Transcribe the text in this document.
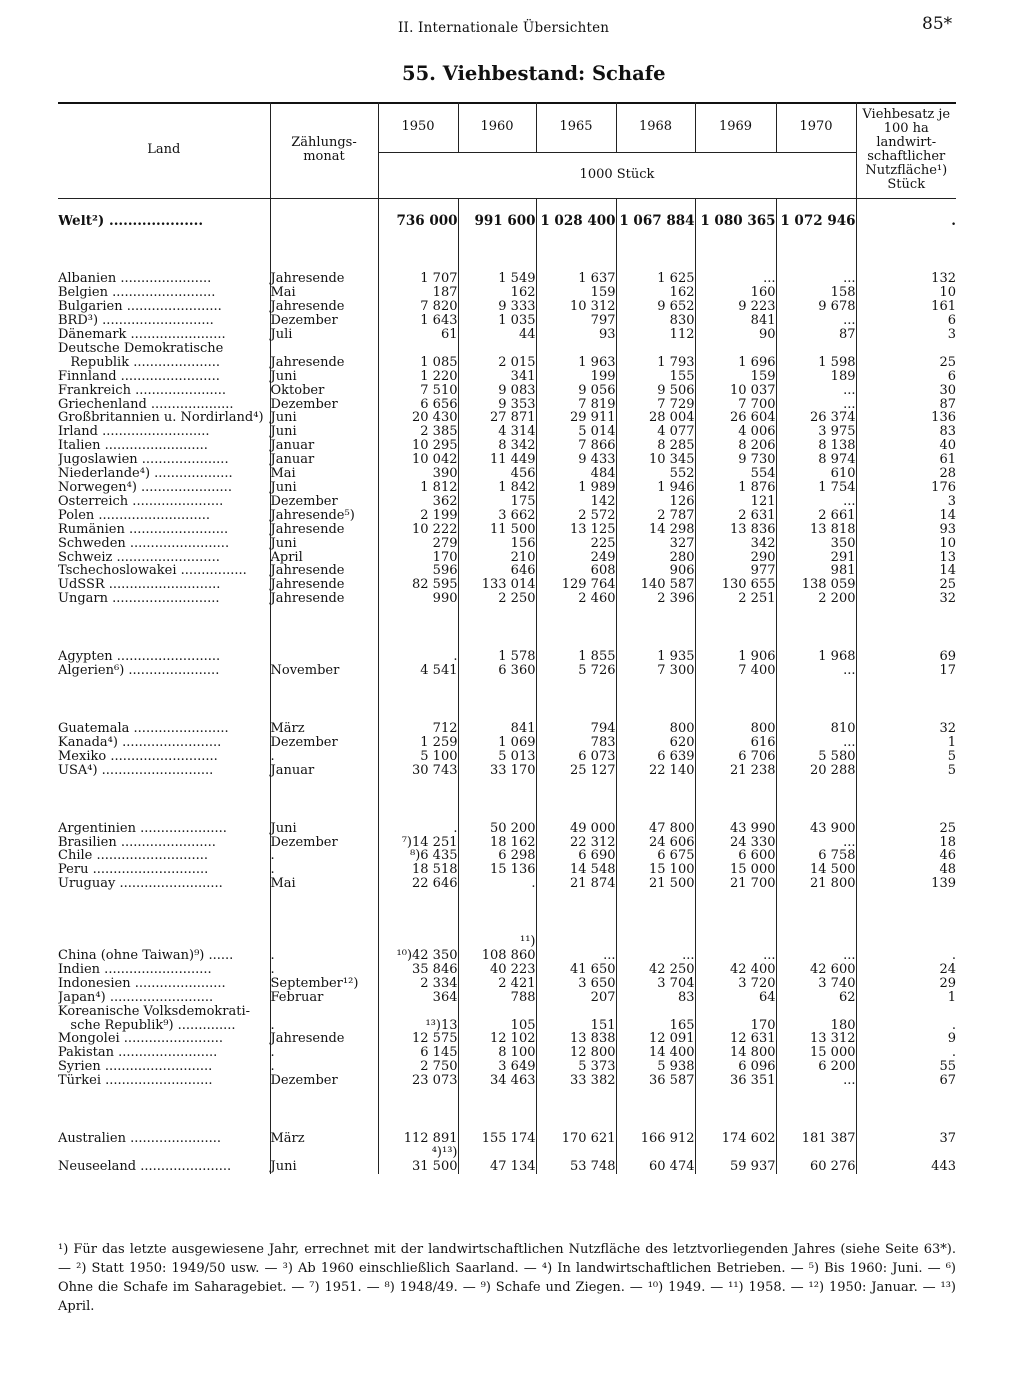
II. Internationale Übersichten	85*
55. Viehbestand: Schafe
Land	Zählungs-
monat	1950	1960	1965	1968	1969	1970	Viehbesatz je 100 ha landwirt-schaftlicher Nutzfläche¹) Stück
		1000 Stück						

Welt²) ....................		736 000	991 600	1 028 400	1 067 884	1 080 365	1 072 946	.

Albanien ......................	Jahresende	1 707	1 549	1 637	1 625	...	...	132
Belgien .........................	Mai	187	162	159	162	160	158	10
Bulgarien .......................	Jahresende	7 820	9 333	10 312	9 652	9 223	9 678	161
BRD³) ...........................	Dezember	1 643	1 035	797	830	841	...	6
Dänemark .......................	Juli	61	44	93	112	90	87	3
Deutsche Demokratische								
Republik .....................	Jahresende	1 085	2 015	1 963	1 793	1 696	1 598	25
Finnland ........................	Juni	1 220	341	199	155	159	189	6
Frankreich ......................	Oktober	7 510	9 083	9 056	9 506	10 037	...	30
Griechenland ....................	Dezember	6 656	9 353	7 819	7 729	7 700	...	87
Großbritannien u. Nordirland⁴)	Juni	20 430	27 871	29 911	28 004	26 604	26 374	136
Irland ..........................	Juni	2 385	4 314	5 014	4 077	4 006	3 975	83
Italien .........................	Januar	10 295	8 342	7 866	8 285	8 206	8 138	40
Jugoslawien .....................	Januar	10 042	11 449	9 433	10 345	9 730	8 974	61
Niederlande⁴) ...................	Mai	390	456	484	552	554	610	28
Norwegen⁴) ......................	Juni	1 812	1 842	1 989	1 946	1 876	1 754	176
Österreich ......................	Dezember	362	175	142	126	121	...	3
Polen ...........................	Jahresende⁵)	2 199	3 662	2 572	2 787	2 631	2 661	14
Rumänien ........................	Jahresende	10 222	11 500	13 125	14 298	13 836	13 818	93
Schweden ........................	Juni	279	156	225	327	342	350	10
Schweiz .........................	April	170	210	249	280	290	291	13
Tschechoslowakei ................	Jahresende	596	646	608	906	977	981	14
UdSSR ...........................	Jahresende	82 595	133 014	129 764	140 587	130 655	138 059	25
Ungarn ..........................	Jahresende	990	2 250	2 460	2 396	2 251	2 200	32

Ägypten .........................		.	1 578	1 855	1 935	1 906	1 968	69
Algerien⁶) ......................	November	4 541	6 360	5 726	7 300	7 400	...	17

Guatemala .......................	März	712	841	794	800	800	810	32
Kanada⁴) ........................	Dezember	1 259	1 069	783	620	616	...	1
Mexiko ..........................	.	5 100	5 013	6 073	6 639	6 706	5 580	5
USA⁴) ...........................	Januar	30 743	33 170	25 127	22 140	21 238	20 288	5

Argentinien .....................	Juni	.	50 200	49 000	47 800	43 990	43 900	25
Brasilien .......................	Dezember	⁷)14 251	18 162	22 312	24 606	24 330	...	18
Chile ...........................	.	⁸)6 435	6 298	6 690	6 675	6 600	6 758	46
Peru ............................	.	18 518	15 136	14 548	15 100	15 000	14 500	48
Uruguay .........................	Mai	22 646	.	21 874	21 500	21 700	21 800	139

			¹¹)					
China (ohne Taiwan)⁹) ......	.	¹⁰)42 350	108 860	...	...	...	...	.
Indien ..........................	.	35 846	40 223	41 650	42 250	42 400	42 600	24
Indonesien ......................	September¹²)	2 334	2 421	3 650	3 704	3 720	3 740	29
Japan⁴) .........................	Februar	364	788	207	83	64	62	1
Koreanische Volksdemokrati-								
sche Republik⁹) ..............	.	¹³)13	105	151	165	170	180	.
Mongolei ........................	Jahresende	12 575	12 102	13 838	12 091	12 631	13 312	9
Pakistan ........................	.	6 145	8 100	12 800	14 400	14 800	15 000	.
Syrien ..........................	.	2 750	3 649	5 373	5 938	6 096	6 200	55
Türkei ..........................	Dezember	23 073	34 463	33 382	36 587	36 351	...	67

Australien ......................	März	112 891	155 174	170 621	166 912	174 602	181 387	37
		⁴)¹³)						
Neuseeland ......................	Juni	31 500	47 134	53 748	60 474	59 937	60 276	443
¹) Für das letzte ausgewiesene Jahr, errechnet mit der landwirtschaftlichen Nutzfläche des letztvorliegenden Jahres (siehe Seite 63*). — ²) Statt 1950: 1949/50 usw. — ³) Ab 1960 einschließlich Saarland. — ⁴) In landwirtschaftlichen Betrieben. — ⁵) Bis 1960: Juni. — ⁶) Ohne die Schafe im Saharagebiet. — ⁷) 1951. — ⁸) 1948/49. — ⁹) Schafe und Ziegen. — ¹⁰) 1949. — ¹¹) 1958. — ¹²) 1950: Januar. — ¹³) April.
